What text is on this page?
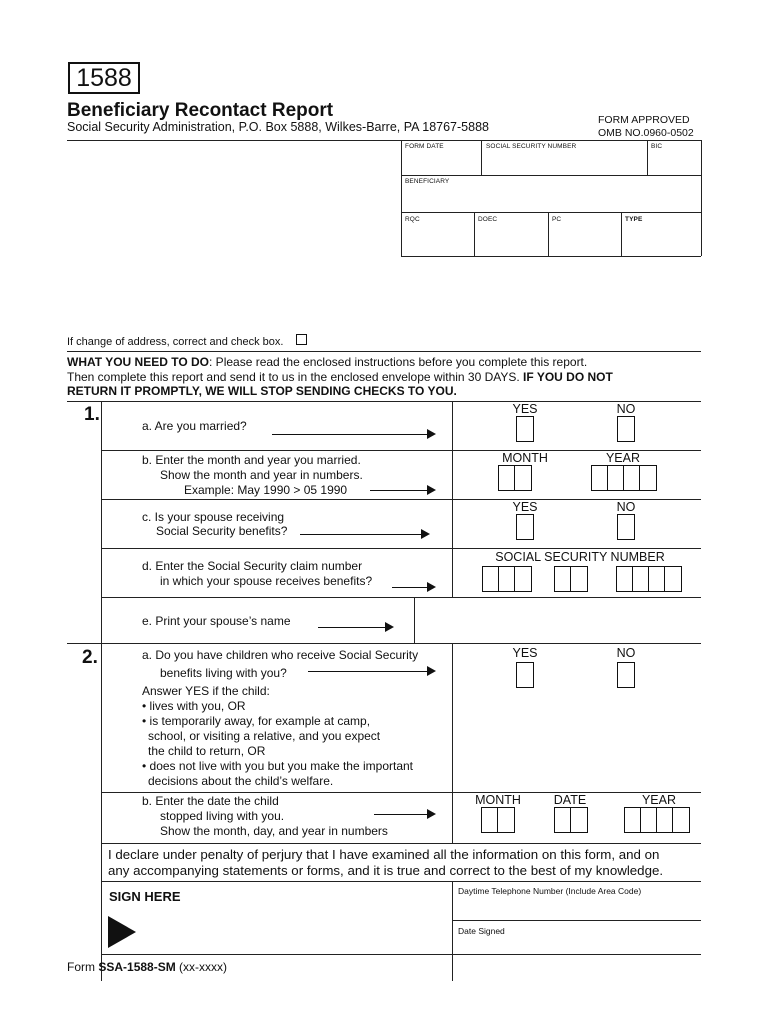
1588
Beneficiary Recontact Report
Social Security Administration, P.O. Box 5888, Wilkes-Barre, PA 18767-5888	FORM APPROVED
OMB NO.0960-0502
FORM DATE	SOCIAL SECURITY NUMBER	BIC
BENEFICIARY
RQC	DOEC	PC	TYPE
If change of address, correct and check box.
WHAT YOU NEED TO DO: Please read the enclosed instructions before you complete this report.
Then complete this report and send it to us in the enclosed envelope within 30 DAYS. IF YOU DO NOT
RETURN IT PROMPTLY, WE WILL STOP SENDING CHECKS TO YOU.
1.
a. Are you married?
YES	NO
b. Enter the month and year you married.
Show the month and year in numbers.
Example: May 1990 > 05 1990
MONTH	YEAR
c. Is your spouse receiving
Social Security benefits?
YES	NO
d. Enter the Social Security claim number
in which your spouse receives benefits?
SOCIAL SECURITY NUMBER
e. Print your spouse’s name
2.	a. Do you have children who receive Social Security
benefits living with you?
Answer YES if the child:
• lives with you, OR
• is temporarily away, for example at camp,
school, or visiting a relative, and you expect
the child to return, OR
• does not live with you but you make the important
decisions about the child’s welfare.
YES	NO
b. Enter the date the child
stopped living with you.
Show the month, day, and year in numbers
MONTH	DATE	YEAR
I declare under penalty of perjury that I have examined all the information on this form, and on
any accompanying statements or forms, and it is true and correct to the best of my knowledge.
SIGN HERE	Daytime Telephone Number (Include Area Code)
Date Signed
Form SSA-1588-SM (xx-xxxx)
